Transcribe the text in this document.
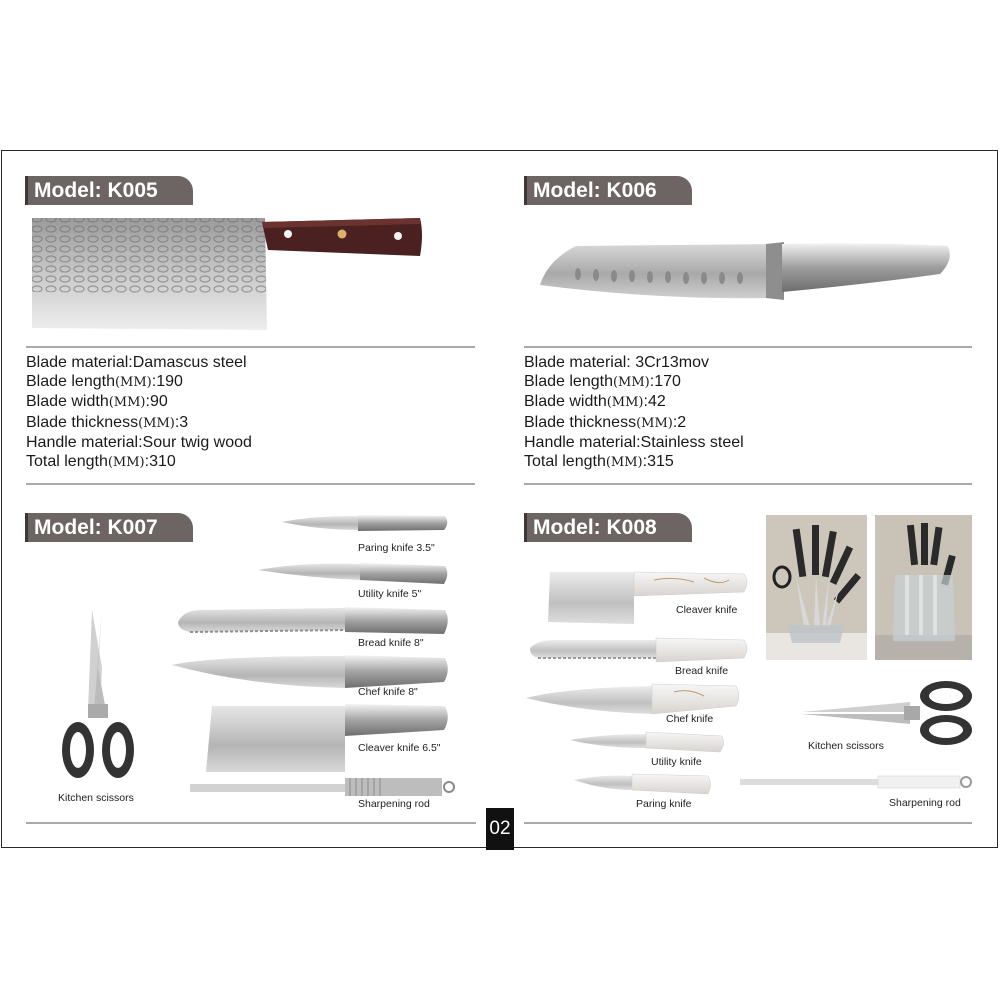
Model: K005
Blade material:Damascus steel
Blade length(MM):190
Blade width(MM):90
Blade thickness(MM):3
Handle material:Sour twig wood
Total length(MM):310
Model: K006
Blade material: 3Cr13mov
Blade length(MM):170
Blade width(MM):42
Blade thickness(MM):2
Handle material:Stainless steel
Total length(MM):315
Model: K007
Paring knife 3.5"
Utility knife 5"
Bread knife 8"
Chef knife 8"
Cleaver knife 6.5"
Sharpening rod
Kitchen scissors
Model: K008
Cleaver knife
Bread knife
Chef knife
Utility knife
Paring knife
Kitchen scissors
Sharpening rod
02
